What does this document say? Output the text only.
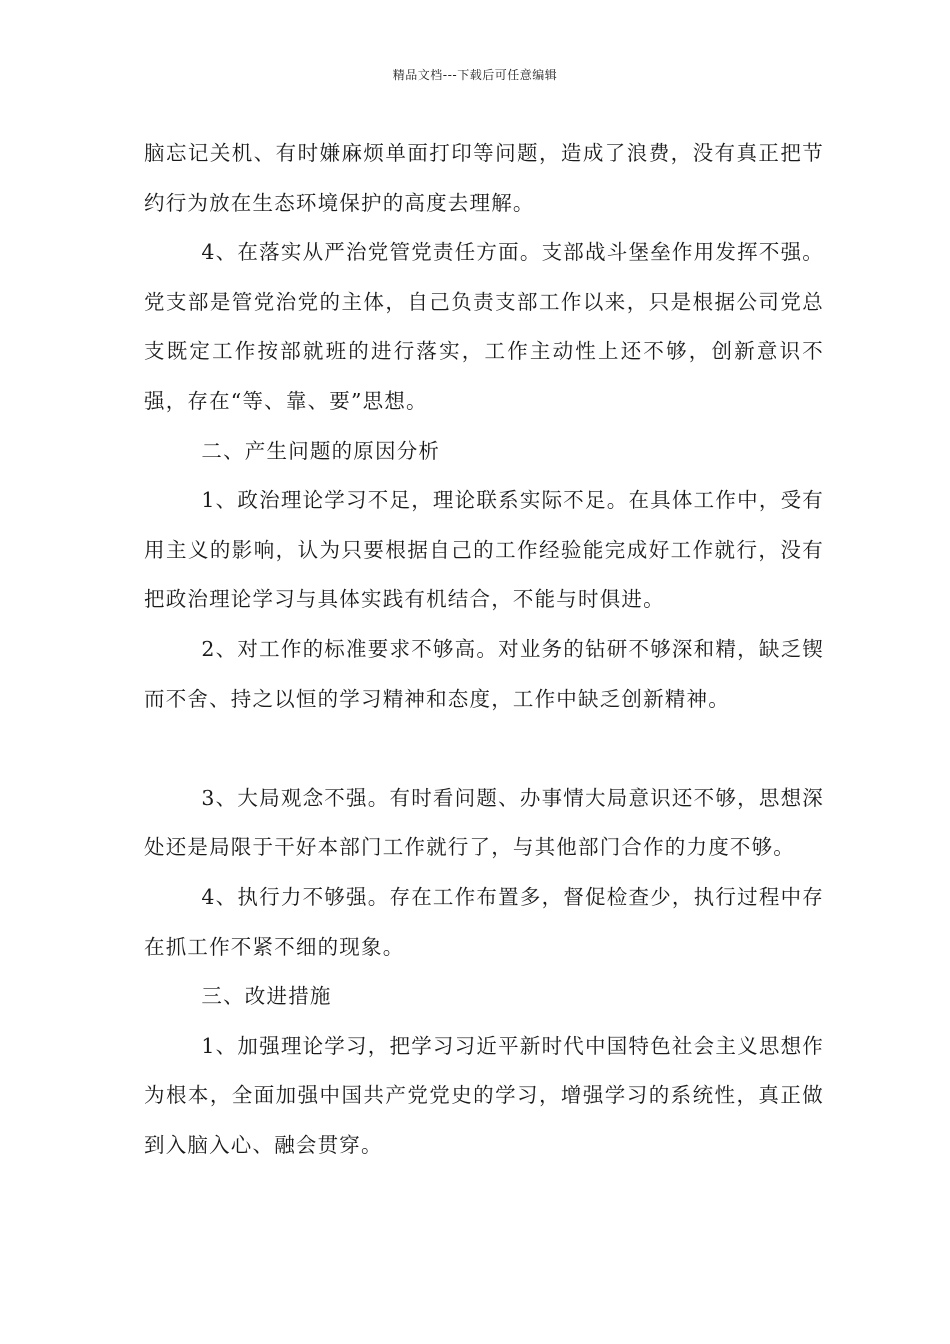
精品文档---下载后可任意编辑

脑忘记关机、有时嫌麻烦单面打印等问题，造成了浪费，没有真正把节约行为放在生态环境保护的高度去理解。

4、在落实从严治党管党责任方面。支部战斗堡垒作用发挥不强。党支部是管党治党的主体，自己负责支部工作以来，只是根据公司党总支既定工作按部就班的进行落实，工作主动性上还不够，创新意识不强，存在“等、靠、要”思想。

二、产生问题的原因分析

1、政治理论学习不足，理论联系实际不足。在具体工作中，受有用主义的影响，认为只要根据自己的工作经验能完成好工作就行，没有把政治理论学习与具体实践有机结合，不能与时俱进。

2、对工作的标准要求不够高。对业务的钻研不够深和精，缺乏锲而不舍、持之以恒的学习精神和态度，工作中缺乏创新精神。

3、大局观念不强。有时看问题、办事情大局意识还不够，思想深处还是局限于干好本部门工作就行了，与其他部门合作的力度不够。

4、执行力不够强。存在工作布置多，督促检查少，执行过程中存在抓工作不紧不细的现象。

三、改进措施

1、加强理论学习，把学习习近平新时代中国特色社会主义思想作为根本，全面加强中国共产党党史的学习，增强学习的系统性，真正做到入脑入心、融会贯穿。
